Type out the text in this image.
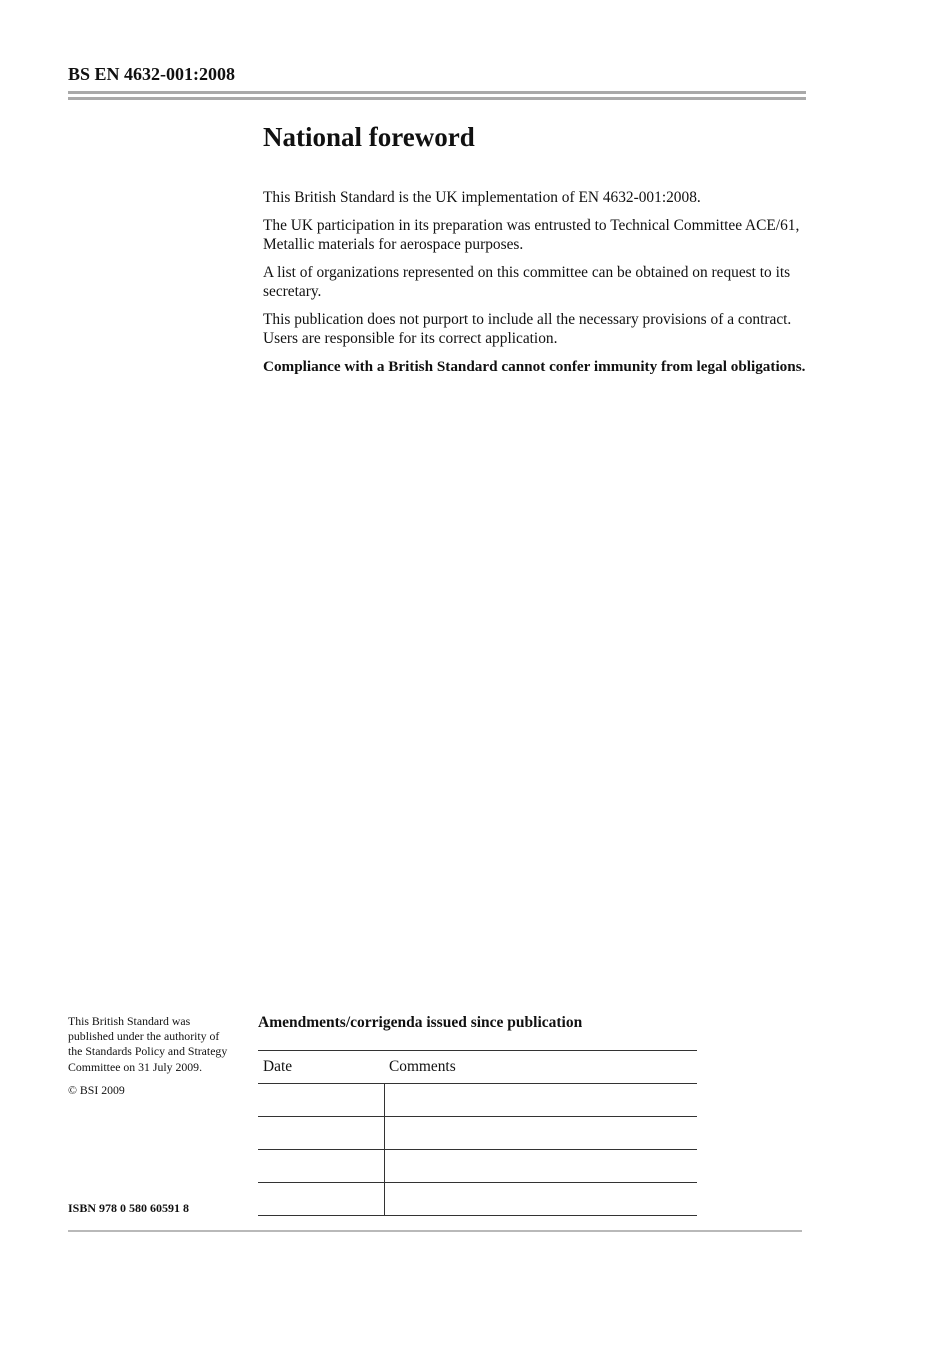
BS EN 4632-001:2008
National foreword

This British Standard is the UK implementation of EN 4632-001:2008.

The UK participation in its preparation was entrusted to Technical Committee ACE/61, Metallic materials for aerospace purposes.

A list of organizations represented on this committee can be obtained on request to its secretary.

This publication does not purport to include all the necessary provisions of a contract. Users are responsible for its correct application.

Compliance with a British Standard cannot confer immunity from legal obligations.

This British Standard was published under the authority of the Standards Policy and Strategy Committee on 31 July 2009.

© BSI 2009

ISBN 978 0 580 60591 8
Amendments/corrigenda issued since publication
Date	Comments
